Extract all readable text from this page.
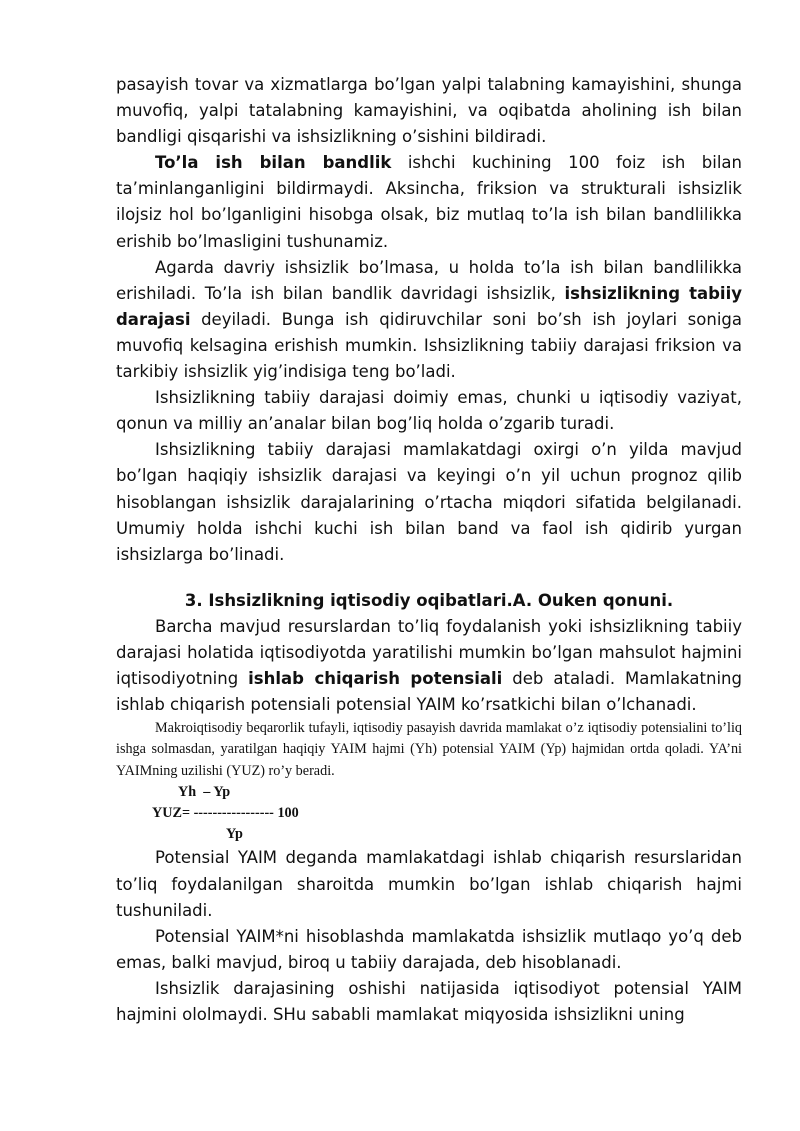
pasayish tovar va xizmatlarga bo’lgan yalpi talabning kamayishini, shunga muvofiq, yalpi tatalabning kamayishini, va oqibatda aholining ish bilan bandligi qisqarishi va ishsizlikning o’sishini bildiradi.

To’la ish bilan bandlik ishchi kuchining 100 foiz ish bilan ta’minlanganligini bildirmaydi. Aksincha, friksion va strukturali ishsizlik ilojsiz hol bo’lganligini hisobga olsak, biz mutlaq to’la ish bilan bandlilikka erishib bo’lmasligini tushunamiz.

Agarda davriy ishsizlik bo’lmasa, u holda to’la ish bilan bandlilikka erishiladi. To’la ish bilan bandlik davridagi ishsizlik, ishsizlikning tabiiy darajasi deyiladi. Bunga ish qidiruvchilar soni bo’sh ish joylari soniga muvofiq kelsagina erishish mumkin. Ishsizlikning tabiiy darajasi friksion va tarkibiy ishsizlik yig’indisiga teng bo’ladi.

Ishsizlikning tabiiy darajasi doimiy emas, chunki u iqtisodiy vaziyat, qonun va milliy an’analar bilan bog’liq holda o’zgarib turadi.

Ishsizlikning tabiiy darajasi mamlakatdagi oxirgi o’n yilda mavjud bo’lgan haqiqiy ishsizlik darajasi va keyingi o’n yil uchun prognoz qilib hisoblangan ishsizlik darajalarining o’rtacha miqdori sifatida belgilanadi. Umumiy holda ishchi kuchi ish bilan band va faol ish qidirib yurgan ishsizlarga bo’linadi.

3. Ishsizlikning iqtisodiy oqibatlari.A. Ouken qonuni.

Barcha mavjud resurslardan to’liq foydalanish yoki ishsizlikning tabiiy darajasi holatida iqtisodiyotda yaratilishi mumkin bo’lgan mahsulot hajmini iqtisodiyotning ishlab chiqarish potensiali deb ataladi. Mamlakatning ishlab chiqarish potensiali potensial YAIM ko’rsatkichi bilan o’lchanadi.

Makroiqtisodiy beqarorlik tufayli, iqtisodiy pasayish davrida mamlakat o’z iqtisodiy potensialini to’liq ishga solmasdan, yaratilgan haqiqiy YAIM hajmi (Yh) potensial YAIM (Yp) hajmidan ortda qoladi. YA’ni YAIMning uzilishi (YUZ) ro’y beradi.

Yh  – Yp
YUZ= ----------------- 100
Yp

Potensial YAIM deganda mamlakatdagi ishlab chiqarish resurslaridan to’liq foydalanilgan sharoitda mumkin bo’lgan ishlab chiqarish hajmi tushuniladi.

Potensial YAIM*ni hisoblashda mamlakatda ishsizlik mutlaqo yo’q deb emas, balki mavjud, biroq u tabiiy darajada, deb hisoblanadi.

Ishsizlik darajasining oshishi natijasida iqtisodiyot potensial YAIM hajmini ololmaydi. SHu sababli mamlakat miqyosida ishsizlikni uning
